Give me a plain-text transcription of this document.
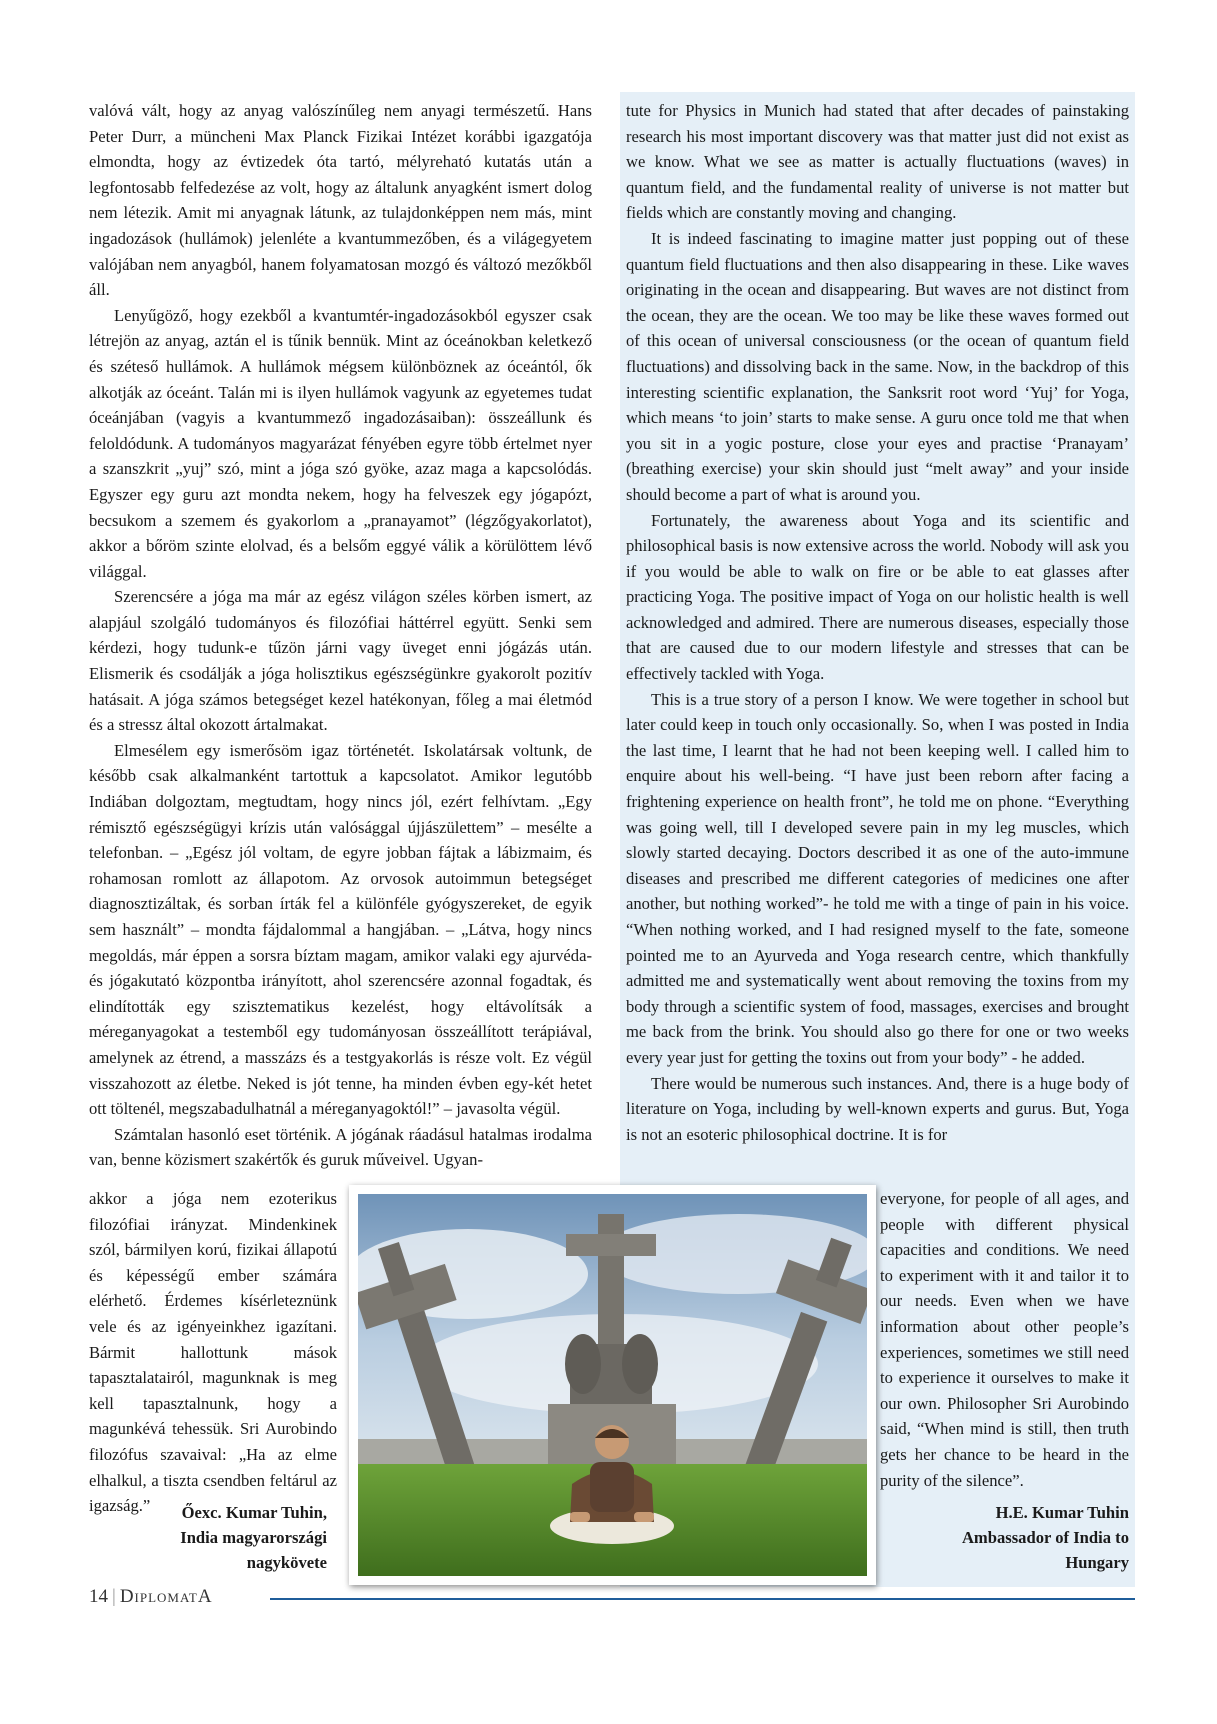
valóvá vált, hogy az anyag valószínűleg nem anyagi természetű. Hans Peter Durr, a müncheni Max Planck Fizikai Intézet korábbi igazgatója elmondta, hogy az évtizedek óta tartó, mélyreható kutatás után a legfontosabb felfedezése az volt, hogy az általunk anyagként ismert dolog nem létezik. Amit mi anyagnak látunk, az tulajdonképpen nem más, mint ingadozások (hullámok) jelenléte a kvantummezőben, és a világegyetem valójában nem anyagból, hanem folyamatosan mozgó és változó mezőkből áll.

Lenyűgöző, hogy ezekből a kvantumtér-ingadozásokból egyszer csak létrejön az anyag, aztán el is tűnik bennük. Mint az óceánokban keletkező és széteső hullámok. A hullámok mégsem különböznek az óceántól, ők alkotják az óceánt. Talán mi is ilyen hullámok vagyunk az egyetemes tudat óceánjában (vagyis a kvantummező ingadozásaiban): összeállunk és feloldódunk. A tudományos magyarázat fényében egyre több értelmet nyer a szanszkrit „yuj” szó, mint a jóga szó gyöke, azaz maga a kapcsolódás. Egyszer egy guru azt mondta nekem, hogy ha felveszek egy jógapózt, becsukom a szemem és gyakorlom a „pranayamot” (légzőgyakorlatot), akkor a bőröm szinte elolvad, és a belsőm eggyé válik a körülöttem lévő világgal.

Szerencsére a jóga ma már az egész világon széles körben ismert, az alapjául szolgáló tudományos és filozófiai háttérrel együtt. Senki sem kérdezi, hogy tudunk-e tűzön járni vagy üveget enni jógázás után. Elismerik és csodálják a jóga holisztikus egészségünkre gyakorolt pozitív hatásait. A jóga számos betegséget kezel hatékonyan, főleg a mai életmód és a stressz által okozott ártalmakat.

Elmesélem egy ismerősöm igaz történetét. Iskolatársak voltunk, de később csak alkalmanként tartottuk a kapcsolatot. Amikor legutóbb Indiában dolgoztam, megtudtam, hogy nincs jól, ezért felhívtam. „Egy rémisztő egészségügyi krízis után valósággal újjászülettem” – mesélte a telefonban. – „Egész jól voltam, de egyre jobban fájtak a lábizmaim, és rohamosan romlott az állapotom. Az orvosok autoimmun betegséget diagnosztizáltak, és sorban írták fel a különféle gyógyszereket, de egyik sem használt” – mondta fájdalommal a hangjában. – „Látva, hogy nincs megoldás, már éppen a sorsra bíztam magam, amikor valaki egy ajurvéda- és jógakutató központba irányított, ahol szerencsére azonnal fogadtak, és elindították egy szisztematikus kezelést, hogy eltávolítsák a méreganyagokat a testemből egy tudományosan összeállított terápiával, amelynek az étrend, a masszázs és a testgyakorlás is része volt. Ez végül visszahozott az életbe. Neked is jót tenne, ha minden évben egy-két hetet ott töltenél, megszabadulhatnál a méreganyagoktól!” – javasolta végül.

Számtalan hasonló eset történik. A jógának ráadásul hatalmas irodalma van, benne közismert szakértők és guruk műveivel. Ugyan-

akkor a jóga nem ezoterikus filozófiai irányzat. Mindenkinek szól, bármilyen korú, fizikai állapotú és képességű ember számára elérhető. Érdemes kísérleteznünk vele és az igényeinkhez igazítani. Bármit hallottunk mások tapasztalatairól, magunknak is meg kell tapasztalnunk, hogy a magunkévá tehessük. Sri Aurobindo filozófus szavaival: „Ha az elme elhalkul, a tiszta csendben feltárul az igazság.”	Őexc. Kumar Tuhin,
India magyarországi
nagykövete

tute for Physics in Munich had stated that after decades of painstaking research his most important discovery was that matter just did not exist as we know. What we see as matter is actually fluctuations (waves) in quantum field, and the fundamental reality of universe is not matter but fields which are constantly moving and changing.

It is indeed fascinating to imagine matter just popping out of these quantum field fluctuations and then also disappearing in these. Like waves originating in the ocean and disappearing. But waves are not distinct from the ocean, they are the ocean. We too may be like these waves formed out of this ocean of universal consciousness (or the ocean of quantum field fluctuations) and dissolving back in the same. Now, in the backdrop of this interesting scientific explanation, the Sanksrit root word ‘Yuj’ for Yoga, which means ‘to join’ starts to make sense. A guru once told me that when you sit in a yogic posture, close your eyes and practise ‘Pranayam’ (breathing exercise) your skin should just “melt away” and your inside should become a part of what is around you.

Fortunately, the awareness about Yoga and its scientific and philosophical basis is now extensive across the world. Nobody will ask you if you would be able to walk on fire or be able to eat glasses after practicing Yoga. The positive impact of Yoga on our holistic health is well acknowledged and admired. There are numerous diseases, especially those that are caused due to our modern lifestyle and stresses that can be effectively tackled with Yoga.

This is a true story of a person I know. We were together in school but later could keep in touch only occasionally. So, when I was posted in India the last time, I learnt that he had not been keeping well. I called him to enquire about his well-being. “I have just been reborn after facing a frightening experience on health front”, he told me on phone. “Everything was going well, till I developed severe pain in my leg muscles, which slowly started decaying. Doctors described it as one of the auto-immune diseases and prescribed me different categories of medicines one after another, but nothing worked”- he told me with a tinge of pain in his voice. “When nothing worked, and I had resigned myself to the fate, someone pointed me to an Ayurveda and Yoga research centre, which thankfully admitted me and systematically went about removing the toxins from my body through a scientific system of food, massages, exercises and brought me back from the brink. You should also go there for one or two weeks every year just for getting the toxins out from your body” - he added.

There would be numerous such instances. And, there is a huge body of literature on Yoga, including by well-known experts and gurus. But, Yoga is not an esoteric philosophical doctrine. It is for

everyone, for people of all ages, and people with different physical capacities and conditions. We need to experiment with it and tailor it to our needs. Even when we have information about other people’s experiences, sometimes we still need to experience it ourselves to make it our own. Philosopher Sri Aurobindo said, “When mind is still, then truth gets her chance to be heard in the purity of the silence”.

H.E. Kumar Tuhin
Ambassador of India to
Hungary
14 | DiplomatA
